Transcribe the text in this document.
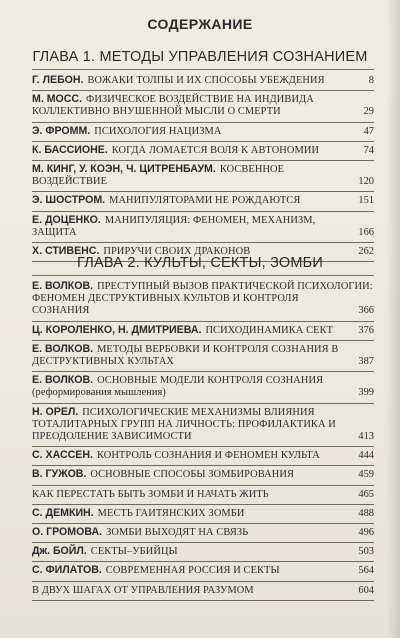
СОДЕРЖАНИЕ
ГЛАВА 1. МЕТОДЫ УПРАВЛЕНИЯ СОЗНАНИЕМ
Г. ЛЕБОН. ВОЖАКИ ТОЛПЫ И ИХ СПОСОБЫ УБЕЖДЕНИЯ	8
М. МОСС. ФИЗИЧЕСКОЕ ВОЗДЕЙСТВИЕ НА ИНДИВИДА КОЛЛЕКТИВНО ВНУШЕННОЙ МЫСЛИ О СМЕРТИ	29
Э. ФРОММ. ПСИХОЛОГИЯ НАЦИЗМА	47
К. БАССИОНЕ. КОГДА ЛОМАЕТСЯ ВОЛЯ К АВТОНОМИИ	74
М. КИНГ, У. КОЭН, Ч. ЦИТРЕНБАУМ. КОСВЕННОЕ ВОЗДЕЙСТВИЕ	120
Э. ШОСТРОМ. МАНИПУЛЯТОРАМИ НЕ РОЖДАЮТСЯ	151
Е. ДОЦЕНКО. МАНИПУЛЯЦИЯ: ФЕНОМЕН, МЕХАНИЗМ, ЗАЩИТА	166
Х. СТИВЕНС. ПРИРУЧИ СВОИХ ДРАКОНОВ	262
ГЛАВА 2. КУЛЬТЫ, СЕКТЫ, ЗОМБИ
Е. ВОЛКОВ. ПРЕСТУПНЫЙ ВЫЗОВ ПРАКТИЧЕСКОЙ ПСИХОЛОГИИ: ФЕНОМЕН ДЕСТРУКТИВНЫХ КУЛЬТОВ И КОНТРОЛЯ СОЗНАНИЯ	366
Ц. КОРОЛЕНКО, Н. ДМИТРИЕВА. ПСИХОДИНАМИКА СЕКТ 376
Е. ВОЛКОВ. МЕТОДЫ ВЕРБОВКИ И КОНТРОЛЯ СОЗНАНИЯ В ДЕСТРУКТИВНЫХ КУЛЬТАХ	387
Е. ВОЛКОВ. ОСНОВНЫЕ МОДЕЛИ КОНТРОЛЯ СОЗНАНИЯ (реформирования мышления)	399
Н. ОРЕЛ. ПСИХОЛОГИЧЕСКИЕ МЕХАНИЗМЫ ВЛИЯНИЯ ТОТАЛИТАРНЫХ ГРУПП НА ЛИЧНОСТЬ: ПРОФИЛАКТИКА И ПРЕОДОЛЕНИЕ ЗАВИСИМОСТИ	413
С. ХАССЕН. КОНТРОЛЬ СОЗНАНИЯ И ФЕНОМЕН КУЛЬТА	444
В. ГУЖОВ. ОСНОВНЫЕ СПОСОБЫ ЗОМБИРОВАНИЯ	459
КАК ПЕРЕСТАТЬ БЫТЬ ЗОМБИ И НАЧАТЬ ЖИТЬ	465
С. ДЕМКИН. МЕСТЬ ГАИТЯНСКИХ ЗОМБИ	488
О. ГРОМОВА. ЗОМБИ ВЫХОДЯТ НА СВЯЗЬ	496
Дж. БОЙЛ. СЕКТЫ–УБИЙЦЫ	503
С. ФИЛАТОВ. СОВРЕМЕННАЯ РОССИЯ И СЕКТЫ	564
В ДВУХ ШАГАХ ОТ УПРАВЛЕНИЯ РАЗУМОМ	604
